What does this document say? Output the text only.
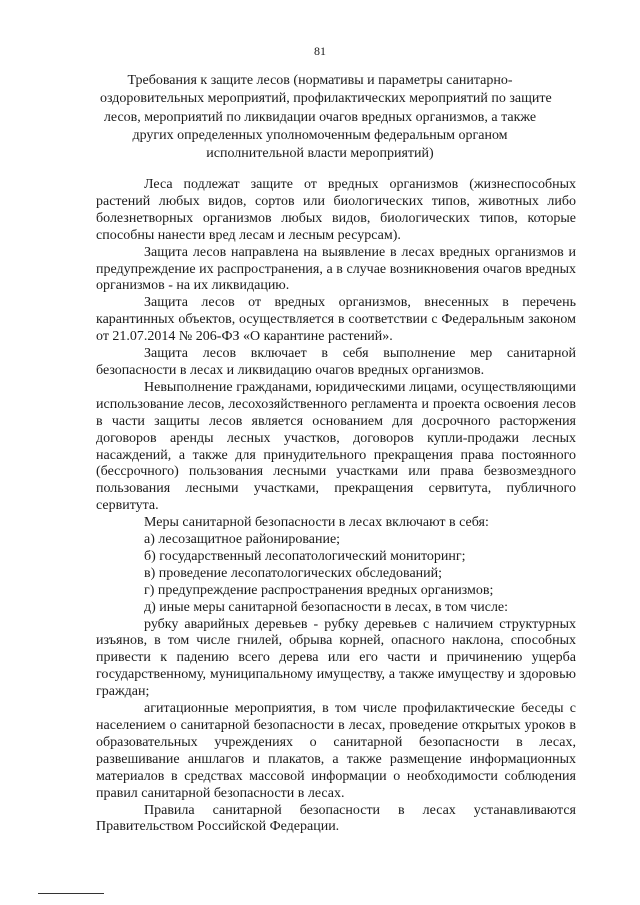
81
Требования к защите лесов (нормативы и параметры санитарно-
оздоровительных мероприятий, профилактических мероприятий по защите
лесов, мероприятий по ликвидации очагов вредных организмов, а также
других определенных уполномоченным федеральным органом
исполнительной власти мероприятий)

Леса подлежат защите от вредных организмов (жизнеспособных растений любых видов, сортов или биологических типов, животных либо болезнетворных организмов любых видов, биологических типов, которые способны нанести вред лесам и лесным ресурсам).

Защита лесов направлена на выявление в лесах вредных организмов и предупреждение их распространения, а в случае возникновения очагов вредных организмов - на их ликвидацию.

Защита лесов от вредных организмов, внесенных в перечень карантинных объектов, осуществляется в соответствии с Федеральным законом от 21.07.2014 № 206-ФЗ «О карантине растений».

Защита лесов включает в себя выполнение мер санитарной безопасности в лесах и ликвидацию очагов вредных организмов.

Невыполнение гражданами, юридическими лицами, осуществляющими использование лесов, лесохозяйственного регламента и проекта освоения лесов в части защиты лесов является основанием для досрочного расторжения договоров аренды лесных участков, договоров купли-продажи лесных насаждений, а также для принудительного прекращения права постоянного (бессрочного) пользования лесными участками или права безвозмездного пользования лесными участками, прекращения сервитута, публичного сервитута.

Меры санитарной безопасности в лесах включают в себя:

а) лесозащитное районирование;

б) государственный лесопатологический мониторинг;

в) проведение лесопатологических обследований;

г) предупреждение распространения вредных организмов;

д) иные меры санитарной безопасности в лесах, в том числе:

рубку аварийных деревьев - рубку деревьев с наличием структурных изъянов, в том числе гнилей, обрыва корней, опасного наклона, способных привести к падению всего дерева или его части и причинению ущерба государственному, муниципальному имуществу, а также имуществу и здоровью граждан;

агитационные мероприятия, в том числе профилактические беседы с населением о санитарной безопасности в лесах, проведение открытых уроков в образовательных учреждениях о санитарной безопасности в лесах, развешивание аншлагов и плакатов, а также размещение информационных материалов в средствах массовой информации о необходимости соблюдения правил санитарной безопасности в лесах.

Правила санитарной безопасности в лесах устанавливаются Правительством Российской Федерации.
